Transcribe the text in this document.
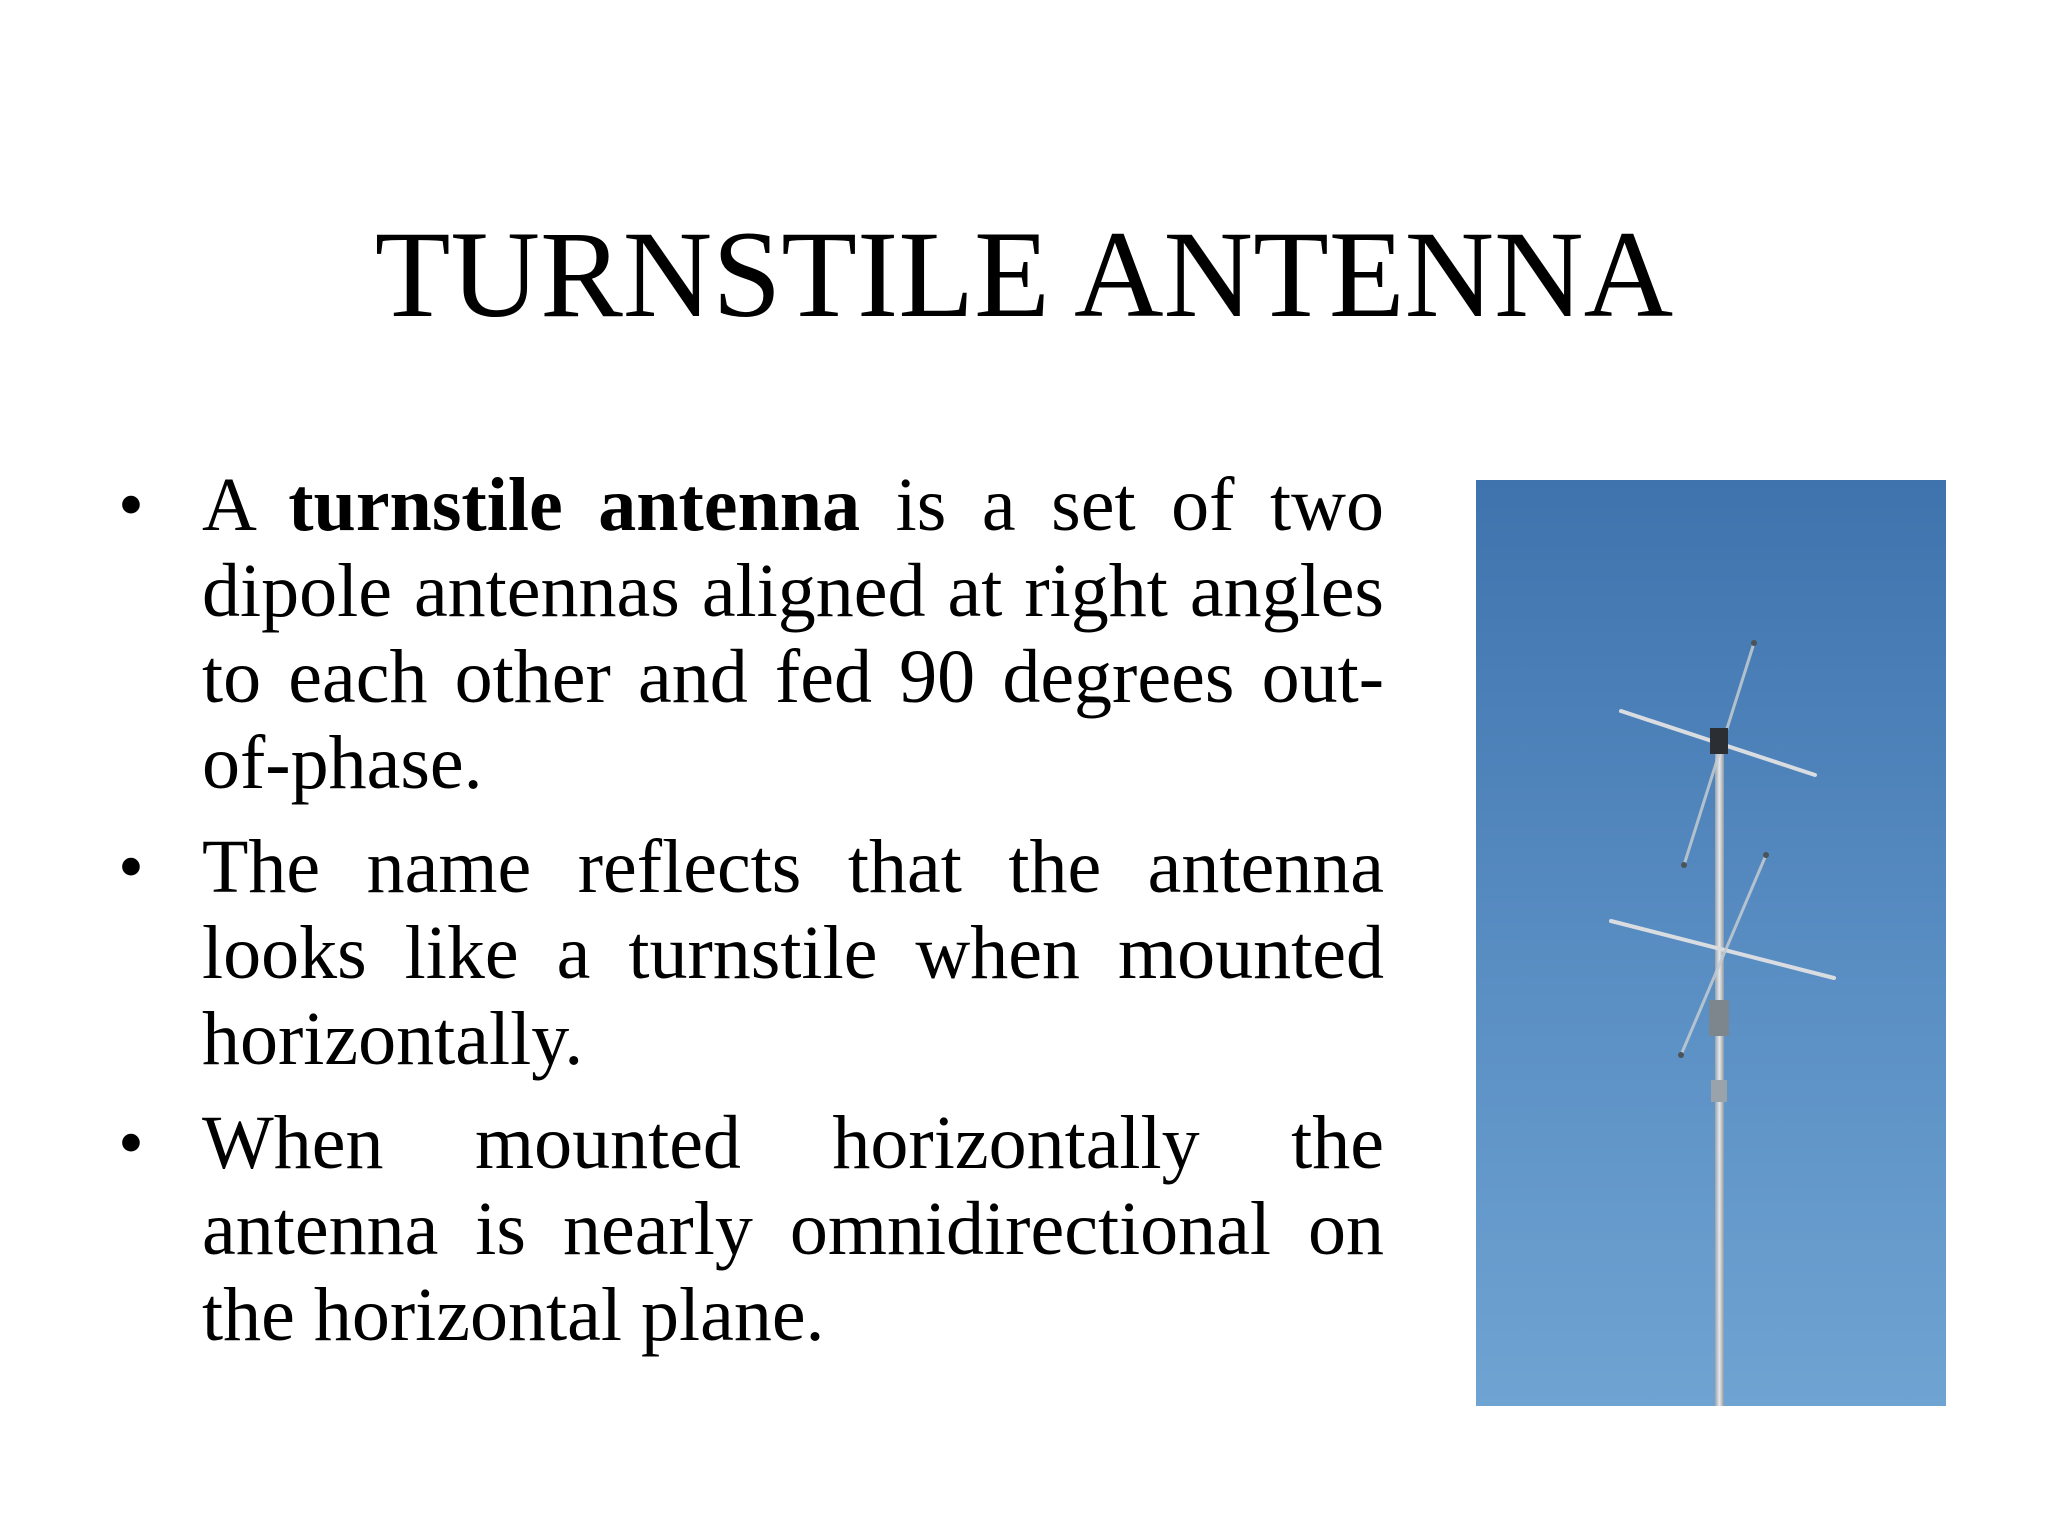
TURNSTILE ANTENNA
• A turnstile antenna is a set of two dipole antennas aligned at right angles to each other and fed 90 degrees out-of-phase.
• The name reflects that the antenna looks like a turnstile when mounted horizontally.
• When mounted horizontally the antenna is nearly omnidirectional on the horizontal plane.
